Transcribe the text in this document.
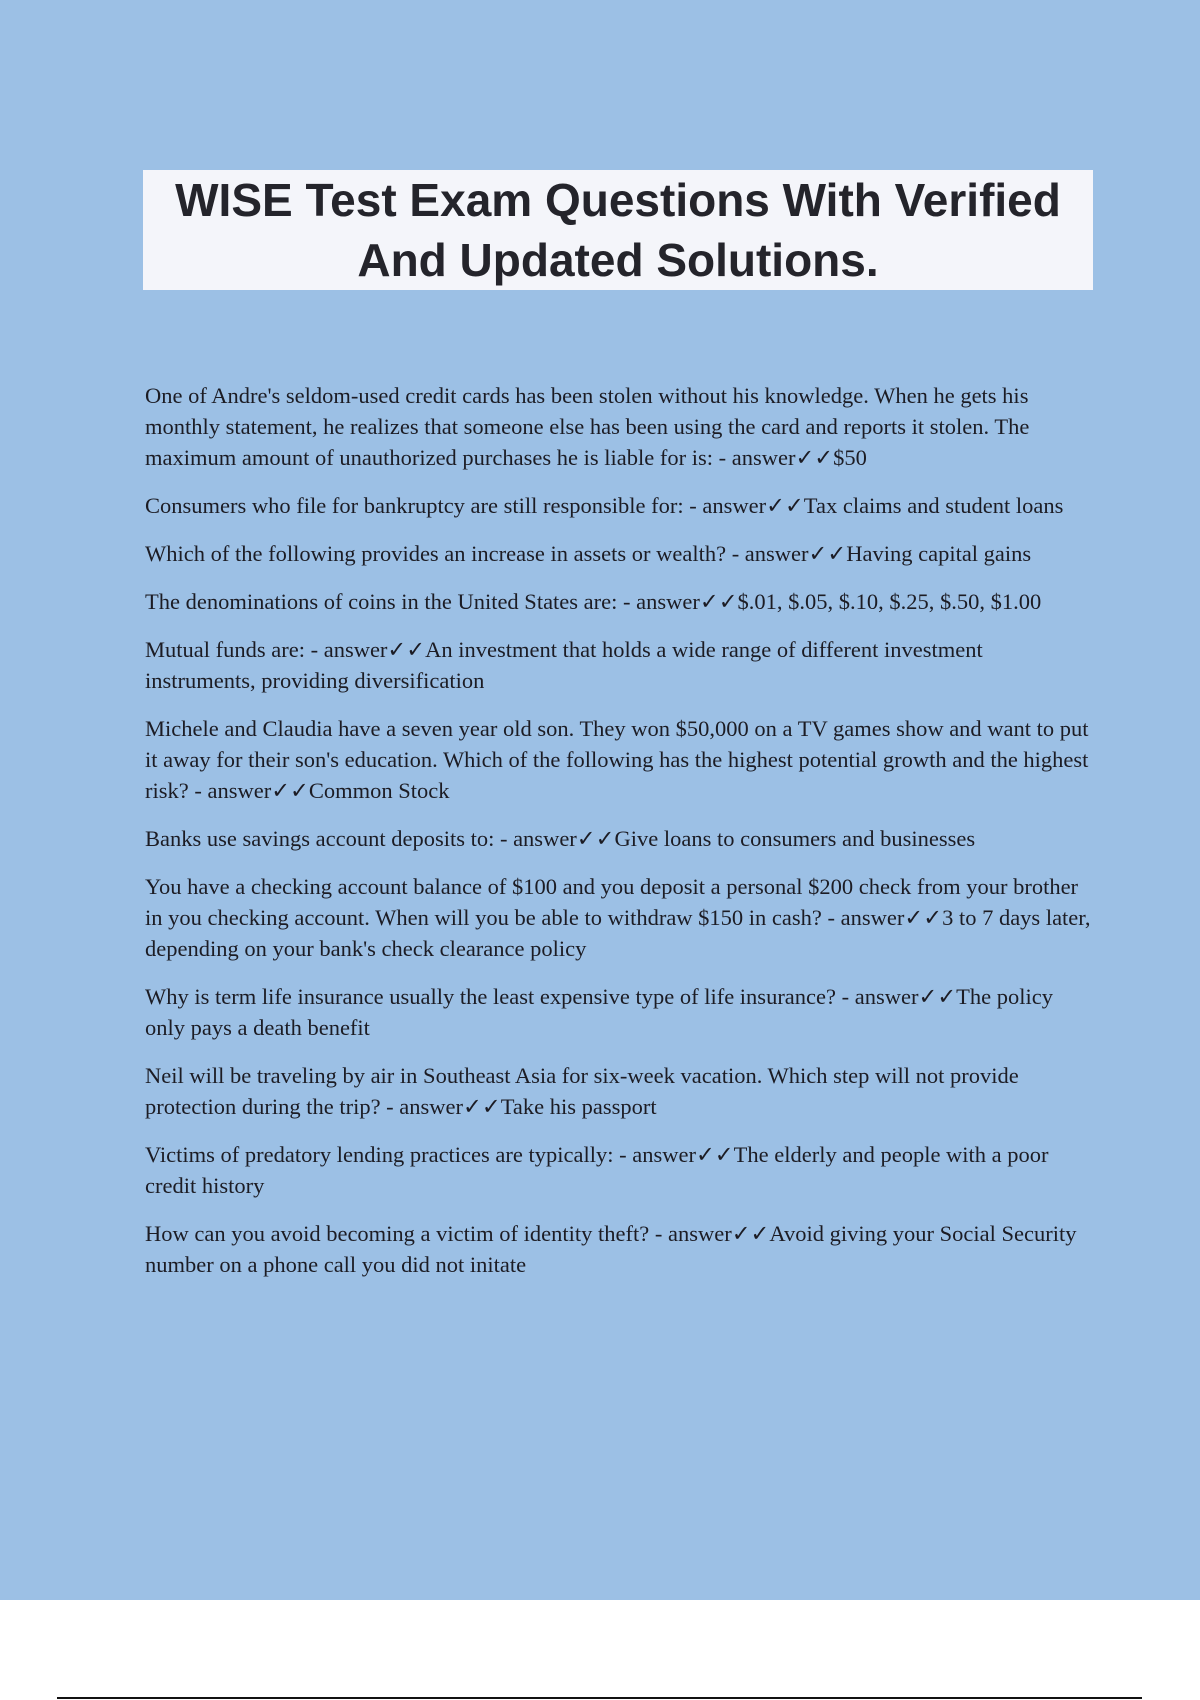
WISE Test Exam Questions With Verified
And Updated Solutions.
One of Andre's seldom-used credit cards has been stolen without his knowledge. When he gets his monthly statement, he realizes that someone else has been using the card and reports it stolen. The maximum amount of unauthorized purchases he is liable for is: - answer✓✓$50
Consumers who file for bankruptcy are still responsible for: - answer✓✓Tax claims and student loans
Which of the following provides an increase in assets or wealth? - answer✓✓Having capital gains
The denominations of coins in the United States are: - answer✓✓$.01, $.05, $.10, $.25, $.50, $1.00
Mutual funds are: - answer✓✓An investment that holds a wide range of different investment instruments, providing diversification
Michele and Claudia have a seven year old son. They won $50,000 on a TV games show and want to put it away for their son's education. Which of the following has the highest potential growth and the highest risk? - answer✓✓Common Stock
Banks use savings account deposits to: - answer✓✓Give loans to consumers and businesses
You have a checking account balance of $100 and you deposit a personal $200 check from your brother in you checking account. When will you be able to withdraw $150 in cash? - answer✓✓3 to 7 days later, depending on your bank's check clearance policy
Why is term life insurance usually the least expensive type of life insurance? - answer✓✓The policy only pays a death benefit
Neil will be traveling by air in Southeast Asia for six-week vacation. Which step will not provide protection during the trip? - answer✓✓Take his passport
Victims of predatory lending practices are typically: - answer✓✓The elderly and people with a poor credit history
How can you avoid becoming a victim of identity theft? - answer✓✓Avoid giving your Social Security number on a phone call you did not initate
